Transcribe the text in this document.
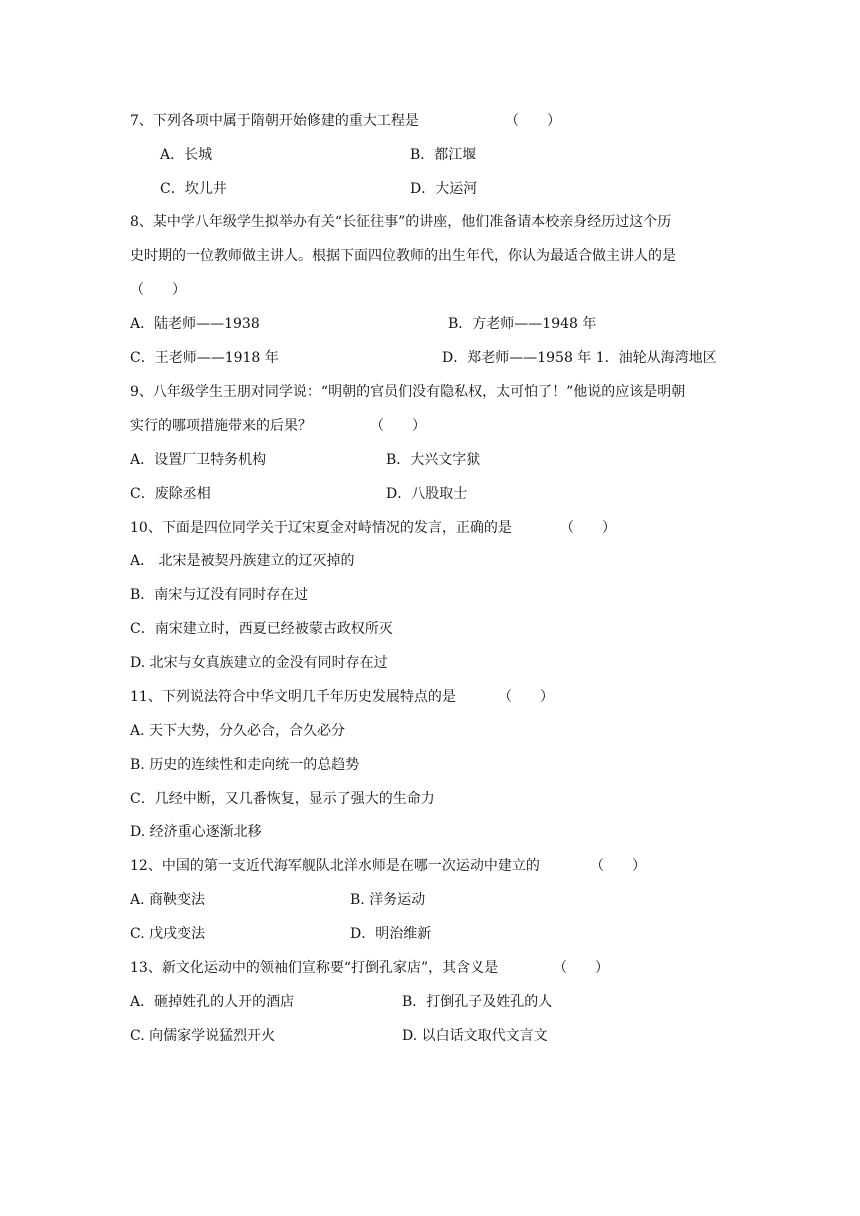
7、下列各项中属于隋朝开始修建的重大工程是	（　　）
A．长城	B．都江堰
C．坎儿井	D．大运河
8、某中学八年级学生拟举办有关“长征往事”的讲座，他们准备请本校亲身经历过这个历
史时期的一位教师做主讲人。根据下面四位教师的出生年代，你认为最适合做主讲人的是
（　　）
A．陆老师——1938	B．方老师——1948 年
C．王老师——1918 年	D．郑老师——1958 年 1．油轮从海湾地区
9、八年级学生王朋对同学说：“明朝的官员们没有隐私权，太可怕了！”他说的应该是明朝
实行的哪项措施带来的后果？	（　　）
A．设置厂卫特务机构	B．大兴文字狱
C．废除丞相	D．八股取士
10、下面是四位同学关于辽宋夏金对峙情况的发言，正确的是	（　　）
A． 北宋是被契丹族建立的辽灭掉的
B．南宋与辽没有同时存在过
C．南宋建立时，西夏已经被蒙古政权所灭
D. 北宋与女真族建立的金没有同时存在过
11、下列说法符合中华文明几千年历史发展特点的是	（　　）
A. 天下大势，分久必合，合久必分
B. 历史的连续性和走向统一的总趋势
C．几经中断，又几番恢复，显示了强大的生命力
D. 经济重心逐渐北移
12、中国的第一支近代海军舰队北洋水师是在哪一次运动中建立的	（　　）
A. 商鞅变法	B. 洋务运动
C. 戊戌变法	D．明治维新
13、新文化运动中的领袖们宣称要“打倒孔家店”，其含义是	（　　）
A．砸掉姓孔的人开的酒店	B．打倒孔子及姓孔的人
C. 向儒家学说猛烈开火	D. 以白话文取代文言文
